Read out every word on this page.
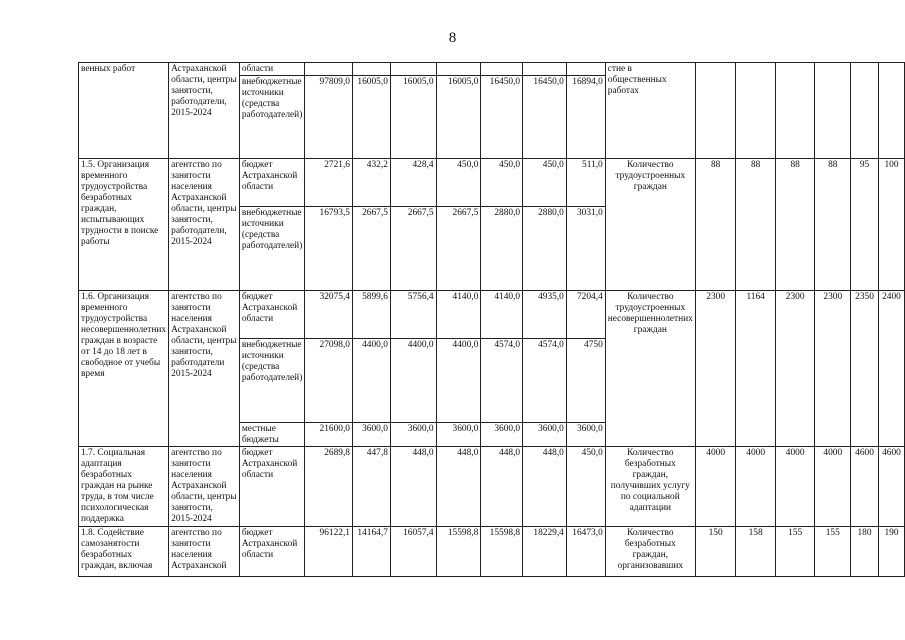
8
венных работ	Астраханской области, центры занятости, работодатели, 2015-2024	области								стие в общественных работах						
		внебюджетные источники (средства работодателей)	97809,0	16005,0	16005,0	16005,0	16450,0	16450,0	16894,0							
1.5. Организация временного трудоустройства безработных граждан, испытывающих трудности в поиске работы	агентство по занятости населения Астраханской области, центры занятости, работодатели, 2015-2024	бюджет Астраханской области	2721,6	432,2	428,4	450,0	450,0	450,0	511,0	Количество трудоустроенных граждан	88	88	88	88	95	100
		внебюджетные источники (средства работодателей)	16793,5	2667,5	2667,5	2667,5	2880,0	2880,0	3031,0							
1.6. Организация временного трудоустройства несовершеннолетних граждан в возрасте от 14 до 18 лет в свободное от учебы время	агентство по занятости населения Астраханской области, центры занятости, работодатели 2015-2024	бюджет Астраханской области	32075,4	5899,6	5756,4	4140,0	4140,0	4935,0	7204,4	Количество трудоустроенных несовершеннолетних граждан	2300	1164	2300	2300	2350	2400
		внебюджетные источники (средства работодателей)	27098,0	4400,0	4400,0	4400,0	4574,0	4574,0	4750							
		местные бюджеты	21600,0	3600,0	3600,0	3600,0	3600,0	3600,0	3600,0							
1.7. Социальная адаптация безработных граждан на рынке труда, в том числе психологическая поддержка	агентство по занятости населения Астраханской области, центры занятости, 2015-2024	бюджет Астраханской области	2689,8	447,8	448,0	448,0	448,0	448,0	450,0	Количество безработных граждан, получивших услугу по социальной адаптации	4000	4000	4000	4000	4600	4600
1.8. Содействие самозанятости безработных граждан, включая	агентство по занятости населения Астраханской	бюджет Астраханской области	96122,1	14164,7	16057,4	15598,8	15598,8	18229,4	16473,0	Количество безработных граждан, организовавших	150	158	155	155	180	190
